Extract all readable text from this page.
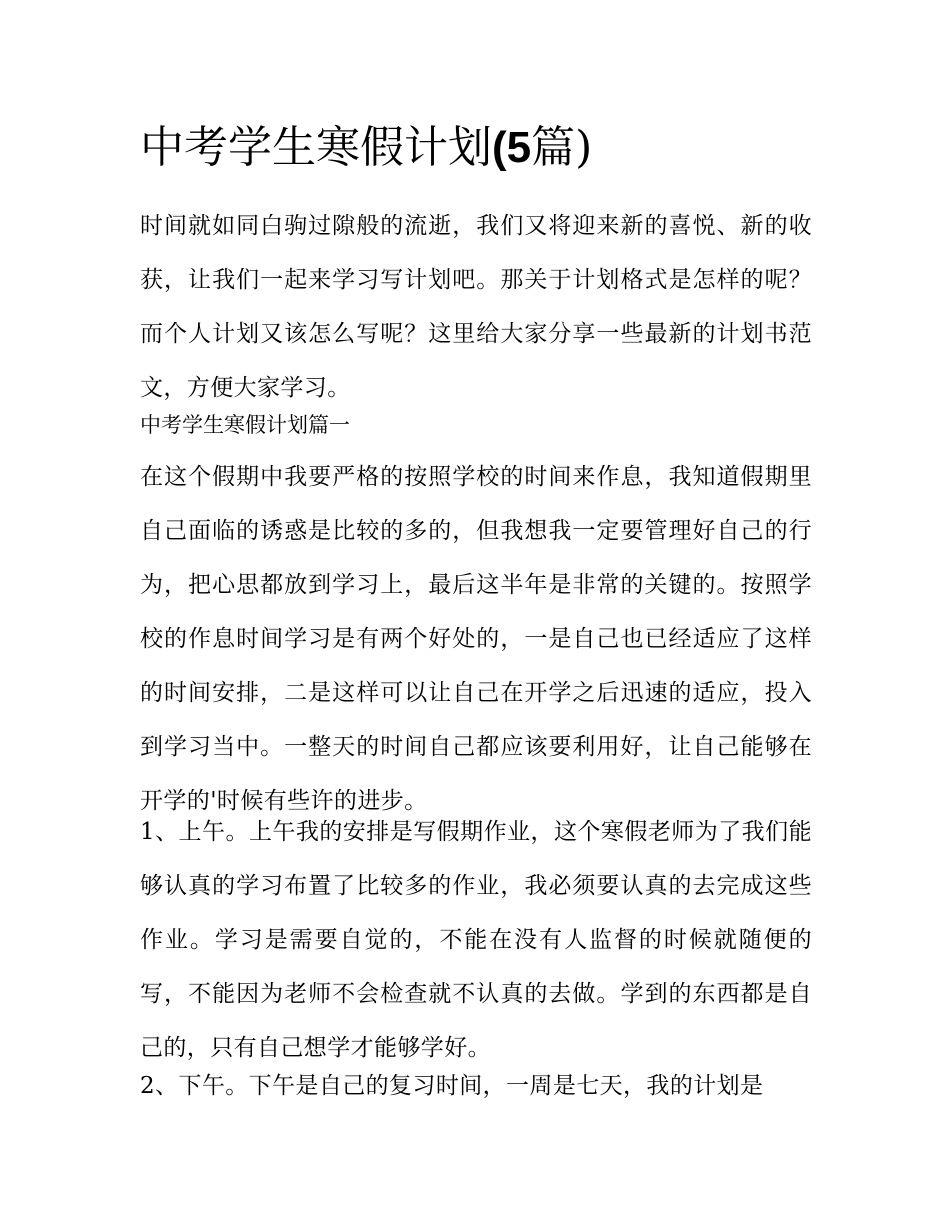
中考学生寒假计划(5篇)

时间就如同白驹过隙般的流逝，我们又将迎来新的喜悦、新的收获，让我们一起来学习写计划吧。那关于计划格式是怎样的呢？而个人计划又该怎么写呢？这里给大家分享一些最新的计划书范文，方便大家学习。

中考学生寒假计划篇一

在这个假期中我要严格的按照学校的时间来作息，我知道假期里自己面临的诱惑是比较的多的，但我想我一定要管理好自己的行为，把心思都放到学习上，最后这半年是非常的关键的。按照学校的作息时间学习是有两个好处的，一是自己也已经适应了这样的时间安排，二是这样可以让自己在开学之后迅速的适应，投入到学习当中。一整天的时间自己都应该要利用好，让自己能够在开学的'时候有些许的进步。

1、上午。上午我的安排是写假期作业，这个寒假老师为了我们能够认真的学习布置了比较多的作业，我必须要认真的去完成这些作业。学习是需要自觉的，不能在没有人监督的时候就随便的写，不能因为老师不会检查就不认真的去做。学到的东西都是自己的，只有自己想学才能够学好。

2、下午。下午是自己的复习时间，一周是七天，我的计划是
